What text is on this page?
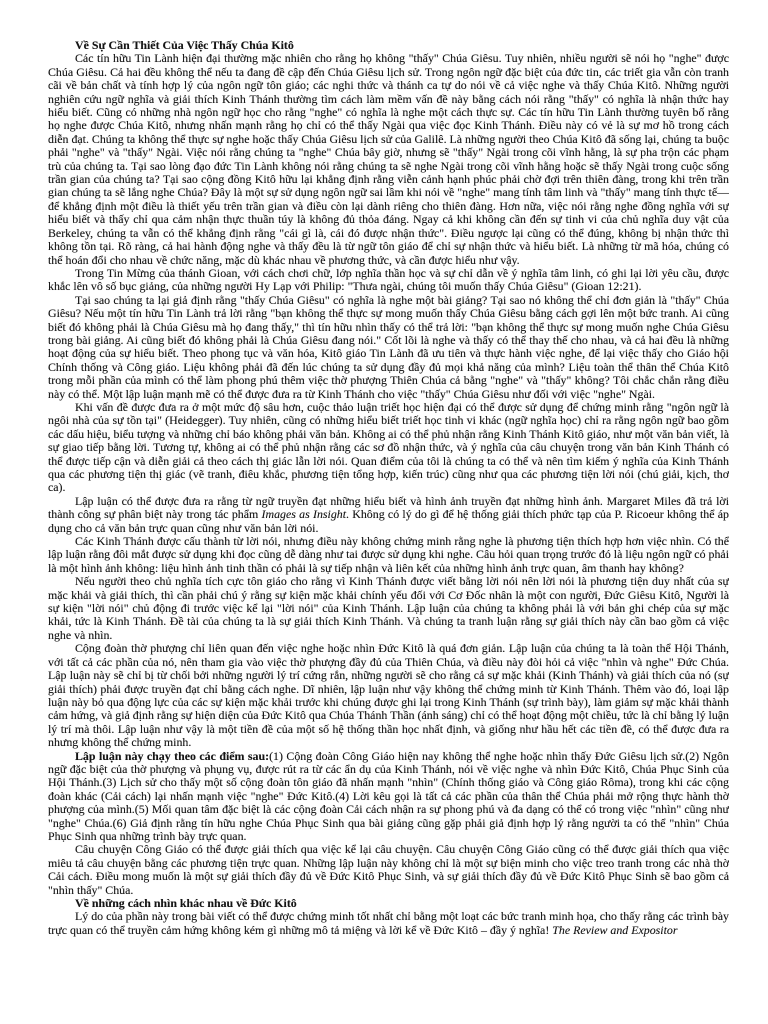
Về Sự Cần Thiết Của Việc Thấy Chúa Kitô

Các tín hữu Tin Lành hiện đại thường mặc nhiên cho rằng họ không "thấy" Chúa Giêsu. Tuy nhiên, nhiều người sẽ nói họ "nghe" được Chúa Giêsu. Cả hai đều không thể nếu ta đang đề cập đến Chúa Giêsu lịch sử. Trong ngôn ngữ đặc biệt của đức tin, các triết gia vẫn còn tranh cãi về bản chất và tính hợp lý của ngôn ngữ tôn giáo; các nghi thức và thánh ca tự do nói về cả việc nghe và thấy Chúa Kitô. Những người nghiên cứu ngữ nghĩa và giải thích Kinh Thánh thường tìm cách làm mềm vấn đề này bằng cách nói rằng "thấy" có nghĩa là nhận thức hay hiểu biết. Cũng có những nhà ngôn ngữ học cho rằng "nghe" có nghĩa là nghe một cách thực sự. Các tín hữu Tin Lành thường tuyên bố rằng họ nghe được Chúa Kitô, nhưng nhấn mạnh rằng họ chỉ có thể thấy Ngài qua việc đọc Kinh Thánh. Điều này có vẻ là sự mơ hồ trong cách diễn đạt. Chúng ta không thể thực sự nghe hoặc thấy Chúa Giêsu lịch sử của Galilê. Là những người theo Chúa Kitô đã sống lại, chúng ta buộc phải "nghe" và "thấy" Ngài. Việc nói rằng chúng ta "nghe" Chúa bây giờ, nhưng sẽ "thấy" Ngài trong cõi vĩnh hằng, là sự pha trộn các phạm trù của chúng ta. Tại sao lòng đạo đức Tin Lành không nói rằng chúng ta sẽ nghe Ngài trong cõi vĩnh hằng hoặc sẽ thấy Ngài trong cuộc sống trần gian của chúng ta? Tại sao cộng đồng Kitô hữu lại khẳng định rằng viễn cảnh hạnh phúc phải chờ đợi trên thiên đàng, trong khi trên trần gian chúng ta sẽ lắng nghe Chúa? Đây là một sự sử dụng ngôn ngữ sai lầm khi nói về "nghe" mang tính tâm linh và "thấy" mang tính thực tế—để khẳng định một điều là thiết yếu trên trần gian và điều còn lại dành riêng cho thiên đàng. Hơn nữa, việc nói rằng nghe đồng nghĩa với sự hiểu biết và thấy chỉ qua cảm nhận thực thuần túy là không đủ thỏa đáng. Ngay cả khi không cần đến sự tinh vi của chủ nghĩa duy vật của Berkeley, chúng ta vẫn có thể khẳng định rằng "cái gì là, cái đó được nhận thức". Điều ngược lại cũng có thể đúng, không bị nhận thức thì không tồn tại. Rõ ràng, cả hai hành động nghe và thấy đều là từ ngữ tôn giáo để chỉ sự nhận thức và hiểu biết. Là những từ mã hóa, chúng có thể hoán đổi cho nhau về chức năng, mặc dù khác nhau về phương thức, và cần được hiểu như vậy.

Trong Tin Mừng của thánh Gioan, với cách chơi chữ, lớp nghĩa thần học và sự chỉ dẫn về ý nghĩa tâm linh, có ghi lại lời yêu cầu, được khắc lên vô số bục giảng, của những người Hy Lạp với Philip: "Thưa ngài, chúng tôi muốn thấy Chúa Giêsu" (Gioan 12:21).

Tại sao chúng ta lại giả định rằng "thấy Chúa Giêsu" có nghĩa là nghe một bài giảng? Tại sao nó không thể chỉ đơn giản là "thấy" Chúa Giêsu? Nếu một tín hữu Tin Lành trả lời rằng "bạn không thể thực sự mong muốn thấy Chúa Giêsu bằng cách gợi lên một bức tranh. Ai cũng biết đó không phải là Chúa Giêsu mà họ đang thấy," thì tín hữu nhìn thấy có thể trả lời: "bạn không thể thực sự mong muốn nghe Chúa Giêsu trong bài giảng. Ai cũng biết đó không phải là Chúa Giêsu đang nói." Cốt lõi là nghe và thấy có thể thay thế cho nhau, và cả hai đều là những hoạt động của sự hiểu biết. Theo phong tục và văn hóa, Kitô giáo Tin Lành đã ưu tiên và thực hành việc nghe, để lại việc thấy cho Giáo hội Chính thống và Công giáo. Liệu không phải đã đến lúc chúng ta sử dụng đầy đủ mọi khả năng của mình? Liệu toàn thể thân thể Chúa Kitô trong mỗi phần của mình có thể làm phong phú thêm việc thờ phượng Thiên Chúa cả bằng "nghe" và "thấy" không? Tôi chắc chắn rằng điều này có thể. Một lập luận mạnh mẽ có thể được đưa ra từ Kinh Thánh cho việc "thấy" Chúa Giêsu như đối với việc "nghe" Ngài.

Khi vấn đề được đưa ra ở một mức độ sâu hơn, cuộc thảo luận triết học hiện đại có thể được sử dụng để chứng minh rằng "ngôn ngữ là ngôi nhà của sự tồn tại" (Heidegger). Tuy nhiên, cũng có những hiểu biết triết học tinh vi khác (ngữ nghĩa học) chỉ ra rằng ngôn ngữ bao gồm các dấu hiệu, biểu tượng và những chỉ báo không phải văn bản. Không ai có thể phủ nhận rằng Kinh Thánh Kitô giáo, như một văn bản viết, là sự giao tiếp bằng lời. Tương tự, không ai có thể phủ nhận rằng các sơ đồ nhận thức, và ý nghĩa của câu chuyện trong văn bản Kinh Thánh có thể được tiếp cận và diễn giải cả theo cách thị giác lẫn lời nói. Quan điểm của tôi là chúng ta có thể và nên tìm kiếm ý nghĩa của Kinh Thánh qua các phương tiện thị giác (vẽ tranh, điêu khắc, phương tiện tổng hợp, kiến trúc) cũng như qua các phương tiện lời nói (chú giải, kịch, thơ ca).

Lập luận có thể được đưa ra rằng từ ngữ truyền đạt những hiểu biết và hình ảnh truyền đạt những hình ảnh. Margaret Miles đã trả lời thành công sự phân biệt này trong tác phẩm Images as Insight. Không có lý do gì để hệ thống giải thích phức tạp của P. Ricoeur không thể áp dụng cho cả văn bản trực quan cũng như văn bản lời nói.

Các Kinh Thánh được cấu thành từ lời nói, nhưng điều này không chứng minh rằng nghe là phương tiện thích hợp hơn việc nhìn. Có thể lập luận rằng đôi mắt được sử dụng khi đọc cũng dễ dàng như tai được sử dụng khi nghe. Câu hỏi quan trọng trước đó là liệu ngôn ngữ có phải là một hình ảnh không: liệu hình ảnh tinh thần có phải là sự tiếp nhận và liên kết của những hình ảnh trực quan, âm thanh hay không?

Nếu người theo chủ nghĩa tích cực tôn giáo cho rằng vì Kinh Thánh được viết bằng lời nói nên lời nói là phương tiện duy nhất của sự mặc khải và giải thích, thì cần phải chú ý rằng sự kiện mặc khải chính yếu đối với Cơ Đốc nhân là một con người, Đức Giêsu Kitô, Người là sự kiện "lời nói" chủ động đi trước việc kể lại "lời nói" của Kinh Thánh. Lập luận của chúng ta không phải là với bản ghi chép của sự mặc khải, tức là Kinh Thánh. Đề tài của chúng ta là sự giải thích Kinh Thánh. Và chúng ta tranh luận rằng sự giải thích này cần bao gồm cả việc nghe và nhìn.

Cộng đoàn thờ phượng chỉ liên quan đến việc nghe hoặc nhìn Đức Kitô là quá đơn giản. Lập luận của chúng ta là toàn thể Hội Thánh, với tất cả các phần của nó, nên tham gia vào việc thờ phượng đầy đủ của Thiên Chúa, và điều này đòi hỏi cả việc "nhìn và nghe" Đức Chúa. Lập luận này sẽ chỉ bị từ chối bởi những người lý trí cứng rắn, những người sẽ cho rằng cả sự mặc khải (Kinh Thánh) và giải thích của nó (sự giải thích) phải được truyền đạt chỉ bằng cách nghe. Dĩ nhiên, lập luận như vậy không thể chứng minh từ Kinh Thánh. Thêm vào đó, loại lập luận này bỏ qua động lực của các sự kiện mặc khải trước khi chúng được ghi lại trong Kinh Thánh (sự trình bày), làm giảm sự mặc khải thành cảm hứng, và giả định rằng sự hiện diện của Đức Kitô qua Chúa Thánh Thần (ánh sáng) chỉ có thể hoạt động một chiều, tức là chỉ bằng lý luận lý trí mà thôi. Lập luận như vậy là một tiền đề của một số hệ thống thần học nhất định, và giống như hầu hết các tiền đề, có thể được đưa ra nhưng không thể chứng minh.

Lập luận này chạy theo các điểm sau:(1) Cộng đoàn Công Giáo hiện nay không thể nghe hoặc nhìn thấy Đức Giêsu lịch sử.(2) Ngôn ngữ đặc biệt của thờ phượng và phụng vụ, được rút ra từ các ẩn dụ của Kinh Thánh, nói về việc nghe và nhìn Đức Kitô, Chúa Phục Sinh của Hội Thánh.(3) Lịch sử cho thấy một số cộng đoàn tôn giáo đã nhấn mạnh "nhìn" (Chính thống giáo và Công giáo Rôma), trong khi các cộng đoàn khác (Cải cách) lại nhấn mạnh việc "nghe" Đức Kitô.(4) Lời kêu gọi là tất cả các phần của thân thể Chúa phải mở rộng thực hành thờ phượng của mình.(5) Mối quan tâm đặc biệt là các cộng đoàn Cải cách nhận ra sự phong phú và đa dạng có thể có trong việc "nhìn" cũng như "nghe" Chúa.(6) Giả định rằng tín hữu nghe Chúa Phục Sinh qua bài giảng cũng gặp phải giả định hợp lý rằng người ta có thể "nhìn" Chúa Phục Sinh qua những trình bày trực quan.

Câu chuyện Công Giáo có thể được giải thích qua việc kể lại câu chuyện. Câu chuyện Công Giáo cũng có thể được giải thích qua việc miêu tả câu chuyện bằng các phương tiện trực quan. Những lập luận này không chỉ là một sự biện minh cho việc treo tranh trong các nhà thờ Cải cách. Điều mong muốn là một sự giải thích đầy đủ về Đức Kitô Phục Sinh, và sự giải thích đầy đủ về Đức Kitô Phục Sinh sẽ bao gồm cả "nhìn thấy" Chúa.

Về những cách nhìn khác nhau về Đức Kitô

Lý do của phần này trong bài viết có thể được chứng minh tốt nhất chỉ bằng một loạt các bức tranh minh họa, cho thấy rằng các trình bày trực quan có thể truyền cảm hứng không kém gì những mô tả miệng và lời kể về Đức Kitô – đầy ý nghĩa! The Review and Expositor
